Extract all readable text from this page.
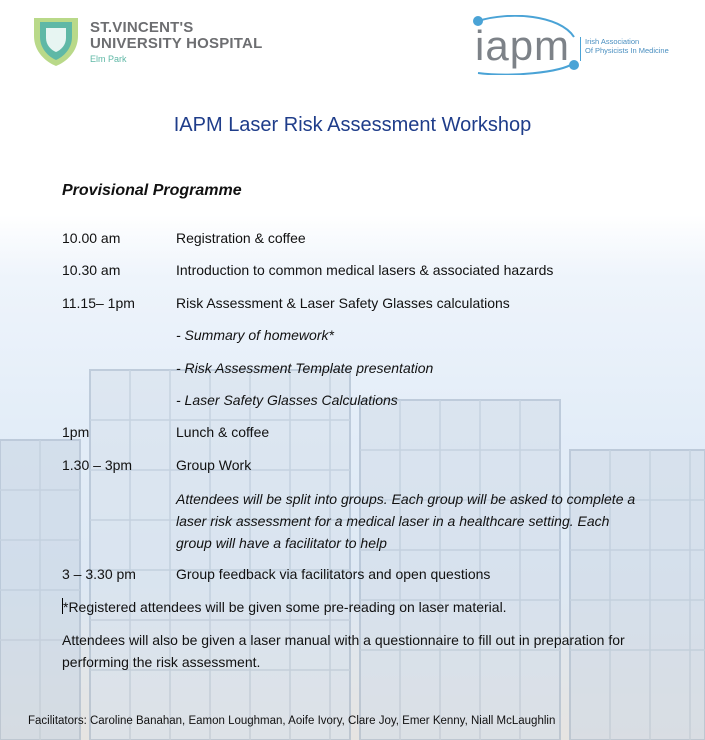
ST.VINCENT'S
UNIVERSITY HOSPITAL
Elm Park	iapm Irish Association
Of Physicists In Medicine
IAPM Laser Risk Assessment Workshop
Provisional Programme
10.00 am	Registration & coffee
10.30 am	Introduction to common medical lasers & associated hazards
11.15– 1pm	Risk Assessment & Laser Safety Glasses calculations
- Summary of homework*
- Risk Assessment Template presentation
- Laser Safety Glasses Calculations
1pm	Lunch & coffee
1.30 – 3pm	Group Work
Attendees will be split into groups. Each group will be asked to complete a laser risk assessment for a medical laser in a healthcare setting. Each group will have a facilitator to help
3 – 3.30 pm	Group feedback via facilitators and open questions
*Registered attendees will be given some pre-reading on laser material.
Attendees will also be given a laser manual with a questionnaire to fill out in preparation for performing the risk assessment.
Facilitators: Caroline Banahan, Eamon Loughman, Aoife Ivory, Clare Joy, Emer Kenny, Niall McLaughlin
